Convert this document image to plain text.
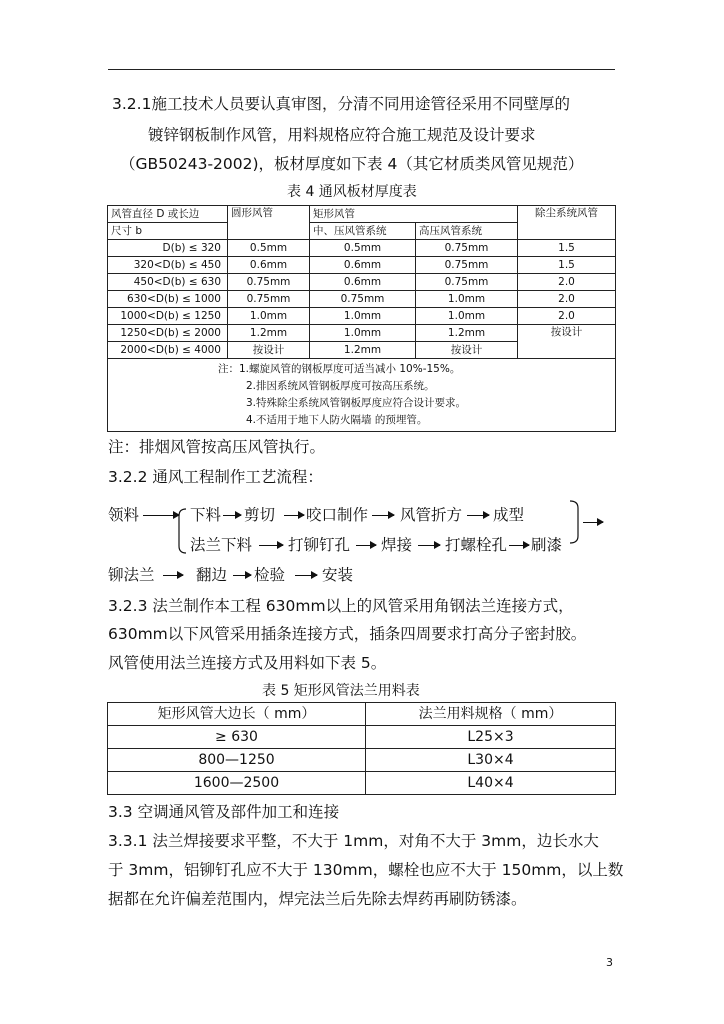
3.2.1施工技术人员要认真审图，分清不同用途管径采用不同壁厚的
镀锌钢板制作风管，用料规格应符合施工规范及设计要求
（GB50243-2002)，板材厚度如下表 4（其它材质类风管见规范）
表 4 通风板材厚度表
风管直径 D 或长边	圆形风管	矩形风管		除尘系统风管
尺寸 b		中、压风管系统	高压风管系统	
D(b) ≤ 320	0.5mm	0.5mm	0.75mm	1.5
320<D(b) ≤ 450	0.6mm	0.6mm	0.75mm	1.5
450<D(b) ≤ 630	0.75mm	0.6mm	0.75mm	2.0
630<D(b) ≤ 1000	0.75mm	0.75mm	1.0mm	2.0
1000<D(b) ≤ 1250	1.0mm	1.0mm	1.0mm	2.0
1250<D(b) ≤ 2000	1.2mm	1.0mm	1.2mm	按设计
2000<D(b) ≤ 4000	按设计	1.2mm	按设计	

注：1.螺旋风管的钢板厚度可适当减小 10%-15%。
2.排因系统风管钢板厚度可按高压系统。
3.特殊除尘系统风管钢板厚度应符合设计要求。
4.不适用于地下人防火隔墙 的预埋管。				
注：排烟风管按高压风管执行。
3.2.2 通风工程制作工艺流程：
领料	下料 剪切 咬口制作 风管折方 成型
法兰下料 打铆钉孔 焊接 打螺栓孔 刷漆
铆法兰	翻边 检验 安装
3.2.3 法兰制作本工程 630mm以上的风管采用角钢法兰连接方式，
630mm以下风管采用插条连接方式，插条四周要求打高分子密封胶。
风管使用法兰连接方式及用料如下表 5。
表 5 矩形风管法兰用料表
矩形风管大边长（ mm）	法兰用料规格（ mm）
≥ 630	L25×3
800—1250	L30×4
1600—2500	L40×4
3.3 空调通风管及部件加工和连接
3.3.1 法兰焊接要求平整，不大于 1mm，对角不大于 3mm，边长水大
于 3mm，铝铆钉孔应不大于 130mm，螺栓也应不大于 150mm，以上数
据都在允许偏差范围内，焊完法兰后先除去焊药再刷防锈漆。
3
